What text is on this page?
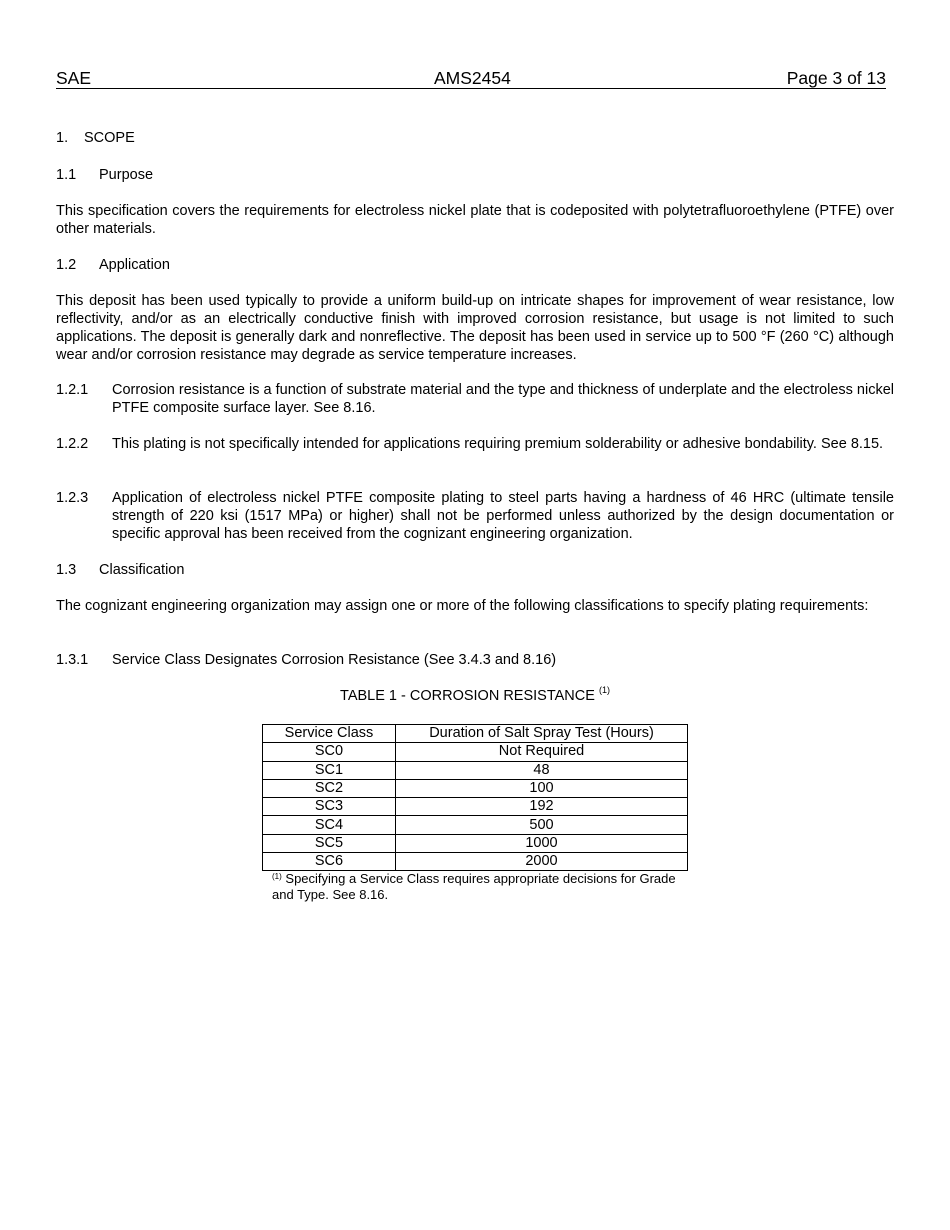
SAE	AMS2454	Page 3 of 13
1. SCOPE
1.1 Purpose
This specification covers the requirements for electroless nickel plate that is codeposited with polytetrafluoroethylene (PTFE) over other materials.
1.2 Application
This deposit has been used typically to provide a uniform build-up on intricate shapes for improvement of wear resistance, low reflectivity, and/or as an electrically conductive finish with improved corrosion resistance, but usage is not limited to such applications. The deposit is generally dark and nonreflective. The deposit has been used in service up to 500 °F (260 °C) although wear and/or corrosion resistance may degrade as service temperature increases.
1.2.1 Corrosion resistance is a function of substrate material and the type and thickness of underplate and the electroless nickel PTFE composite surface layer. See 8.16.
1.2.2 This plating is not specifically intended for applications requiring premium solderability or adhesive bondability. See 8.15.
1.2.3 Application of electroless nickel PTFE composite plating to steel parts having a hardness of 46 HRC (ultimate tensile strength of 220 ksi (1517 MPa) or higher) shall not be performed unless authorized by the design documentation or specific approval has been received from the cognizant engineering organization.
1.3 Classification
The cognizant engineering organization may assign one or more of the following classifications to specify plating requirements:
1.3.1 Service Class Designates Corrosion Resistance (See 3.4.3 and 8.16)
TABLE 1 - CORROSION RESISTANCE $^{(1)}$
Service Class	Duration of Salt Spray Test (Hours)
SC0	Not Required
SC1	48
SC2	100
SC3	192
SC4	500
SC5	1000
SC6	2000
$^{(1)}$ Specifying a Service Class requires appropriate decisions for Grade and Type. See 8.16.
